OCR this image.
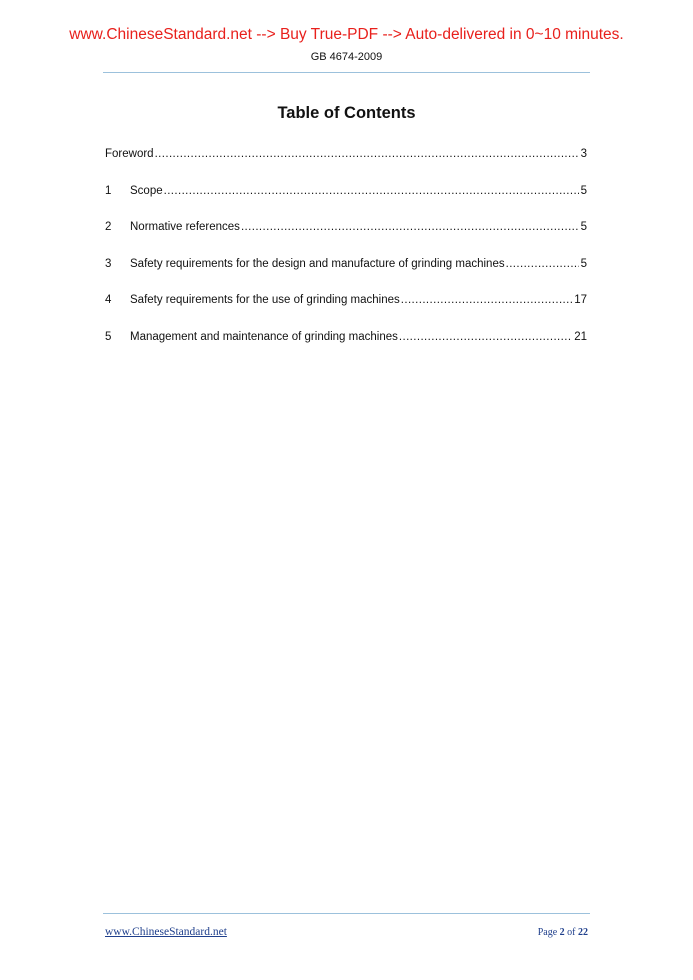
www.ChineseStandard.net --> Buy True-PDF --> Auto-delivered in 0~10 minutes.
GB 4674-2009
Table of Contents
Foreword .....	3
1	Scope .....	5
2	Normative references .....	5
3	Safety requirements for the design and manufacture of grinding machines .....	5
4	Safety requirements for the use of grinding machines .....	17
5	Management and maintenance of grinding machines .....	21
www.ChineseStandard.net	Page 2 of 22
